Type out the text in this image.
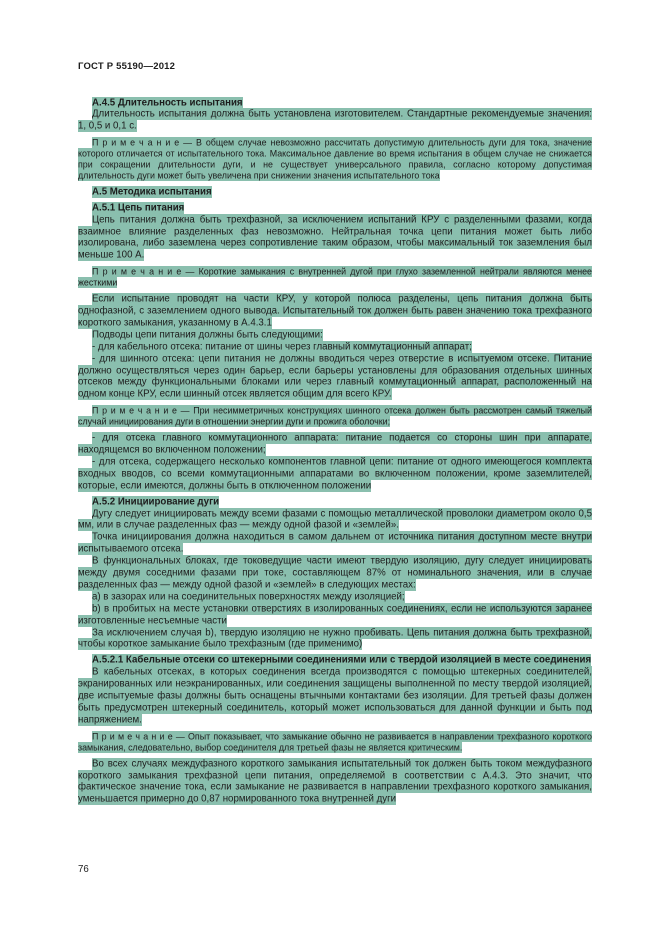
ГОСТ Р 55190—2012

А.4.5 Длительность испытания

Длительность испытания должна быть установлена изготовителем. Стандартные рекомендуемые значения: 1, 0,5 и 0,1 с.

П р и м е ч а н и е — В общем случае невозможно рассчитать допустимую длительность дуги для тока, значение которого отличается от испытательного тока. Максимальное давление во время испытания в общем случае не снижается при сокращении длительности дуги, и не существует универсального правила, согласно которому допустимая длительность дуги может быть увеличена при снижении значения испытательного тока

А.5 Методика испытания

А.5.1 Цепь питания

Цепь питания должна быть трехфазной, за исключением испытаний КРУ с разделенными фазами, когда взаимное влияние разделенных фаз невозможно. Нейтральная точка цепи питания может быть либо изолирована, либо заземлена через сопротивление таким образом, чтобы максимальный ток заземления был меньше 100 А.

П р и м е ч а н и е — Короткие замыкания с внутренней дугой при глухо заземленной нейтрали являются менее жесткими

Если испытание проводят на части КРУ, у которой полюса разделены, цепь питания должна быть однофазной, с заземлением одного вывода. Испытательный ток должен быть равен значению тока трехфазного короткого замыкания, указанному в А.4.3.1

Подводы цепи питания должны быть следующими:

- для кабельного отсека: питание от шины через главный коммутационный аппарат;

- для шинного отсека: цепи питания не должны вводиться через отверстие в испытуемом отсеке. Питание должно осуществляться через один барьер, если барьеры установлены для образования отдельных шинных отсеков между функциональными блоками или через главный коммутационный аппарат, расположенный на одном конце КРУ, если шинный отсек является общим для всего КРУ.

П р и м е ч а н и е — При несимметричных конструкциях шинного отсека должен быть рассмотрен самый тяжелый случай инициирования дуги в отношении энергии дуги и прожига оболочки;

- для отсека главного коммутационного аппарата: питание подается со стороны шин при аппарате, находящемся во включенном положении;

- для отсека, содержащего несколько компонентов главной цепи: питание от одного имеющегося комплекта входных вводов, со всеми коммутационными аппаратами во включенном положении, кроме заземлителей, которые, если имеются, должны быть в отключенном положении

А.5.2 Инициирование дуги

Дугу следует инициировать между всеми фазами с помощью металлической проволоки диаметром около 0,5 мм, или в случае разделенных фаз — между одной фазой и «землей».

Точка инициирования должна находиться в самом дальнем от источника питания доступном месте внутри испытываемого отсека.

В функциональных блоках, где токоведущие части имеют твердую изоляцию, дугу следует инициировать между двумя соседними фазами при токе, составляющем 87% от номинального значения, или в случае разделенных фаз — между одной фазой и «землей» в следующих местах:

а) в зазорах или на соединительных поверхностях между изоляцией;

b) в пробитых на месте установки отверстиях в изолированных соединениях, если не используются заранее изготовленные несъемные части

За исключением случая b), твердую изоляцию не нужно пробивать. Цепь питания должна быть трехфазной, чтобы короткое замыкание было трехфазным (где применимо)

А.5.2.1 Кабельные отсеки со штекерными соединениями или с твердой изоляцией в месте соединения

В кабельных отсеках, в которых соединения всегда производятся с помощью штекерных соединителей, экранированных или неэкранированных, или соединения защищены выполненной по месту твердой изоляцией, две испытуемые фазы должны быть оснащены втычными контактами без изоляции. Для третьей фазы должен быть предусмотрен штекерный соединитель, который может использоваться для данной функции и быть под напряжением.

П р и м е ч а н и е — Опыт показывает, что замыкание обычно не развивается в направлении трехфазного короткого замыкания, следовательно, выбор соединителя для третьей фазы не является критическим.

Во всех случаях междуфазного короткого замыкания испытательный ток должен быть током междуфазного короткого замыкания трехфазной цепи питания, определяемой в соответствии с А.4.3. Это значит, что фактическое значение тока, если замыкание не развивается в направлении трехфазного короткого замыкания, уменьшается примерно до 0,87 нормированного тока внутренней дуги

76
